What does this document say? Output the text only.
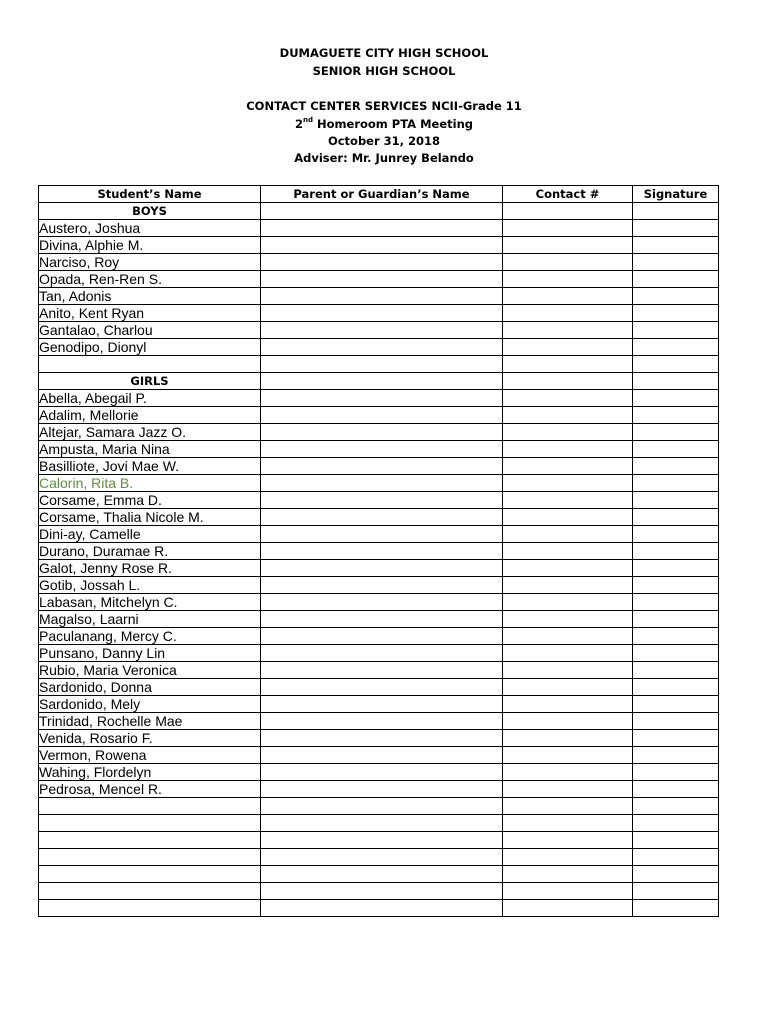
DUMAGUETE CITY HIGH SCHOOL
SENIOR HIGH SCHOOL
CONTACT CENTER SERVICES NCII-Grade 11
2nd Homeroom PTA Meeting
October 31, 2018
Adviser: Mr. Junrey Belando
Student’s Name	Parent or Guardian’s Name	Contact #	Signature
BOYS			
Austero, Joshua			
Divina, Alphie M.			
Narciso, Roy			
Opada, Ren-Ren S.			
Tan, Adonis			
Anito, Kent Ryan			
Gantalao, Charlou			
Genodipo, Dionyl			

GIRLS			
Abella, Abegail P.			
Adalim, Mellorie			
Altejar, Samara Jazz O.			
Ampusta, Maria Nina			
Basilliote, Jovi Mae W.			
Calorin, Rita B.			
Corsame, Emma D.			
Corsame, Thalia Nicole M.			
Dini-ay, Camelle			
Durano, Duramae R.			
Galot, Jenny Rose R.			
Gotib, Jossah L.			
Labasan, Mitchelyn C.			
Magalso, Laarni			
Paculanang, Mercy C.			
Punsano, Danny Lin			
Rubio, Maria Veronica			
Sardonido, Donna			
Sardonido, Mely			
Trinidad, Rochelle Mae			
Venida, Rosario F.			
Vermon, Rowena			
Wahing, Flordelyn			
Pedrosa, Mencel R.			
